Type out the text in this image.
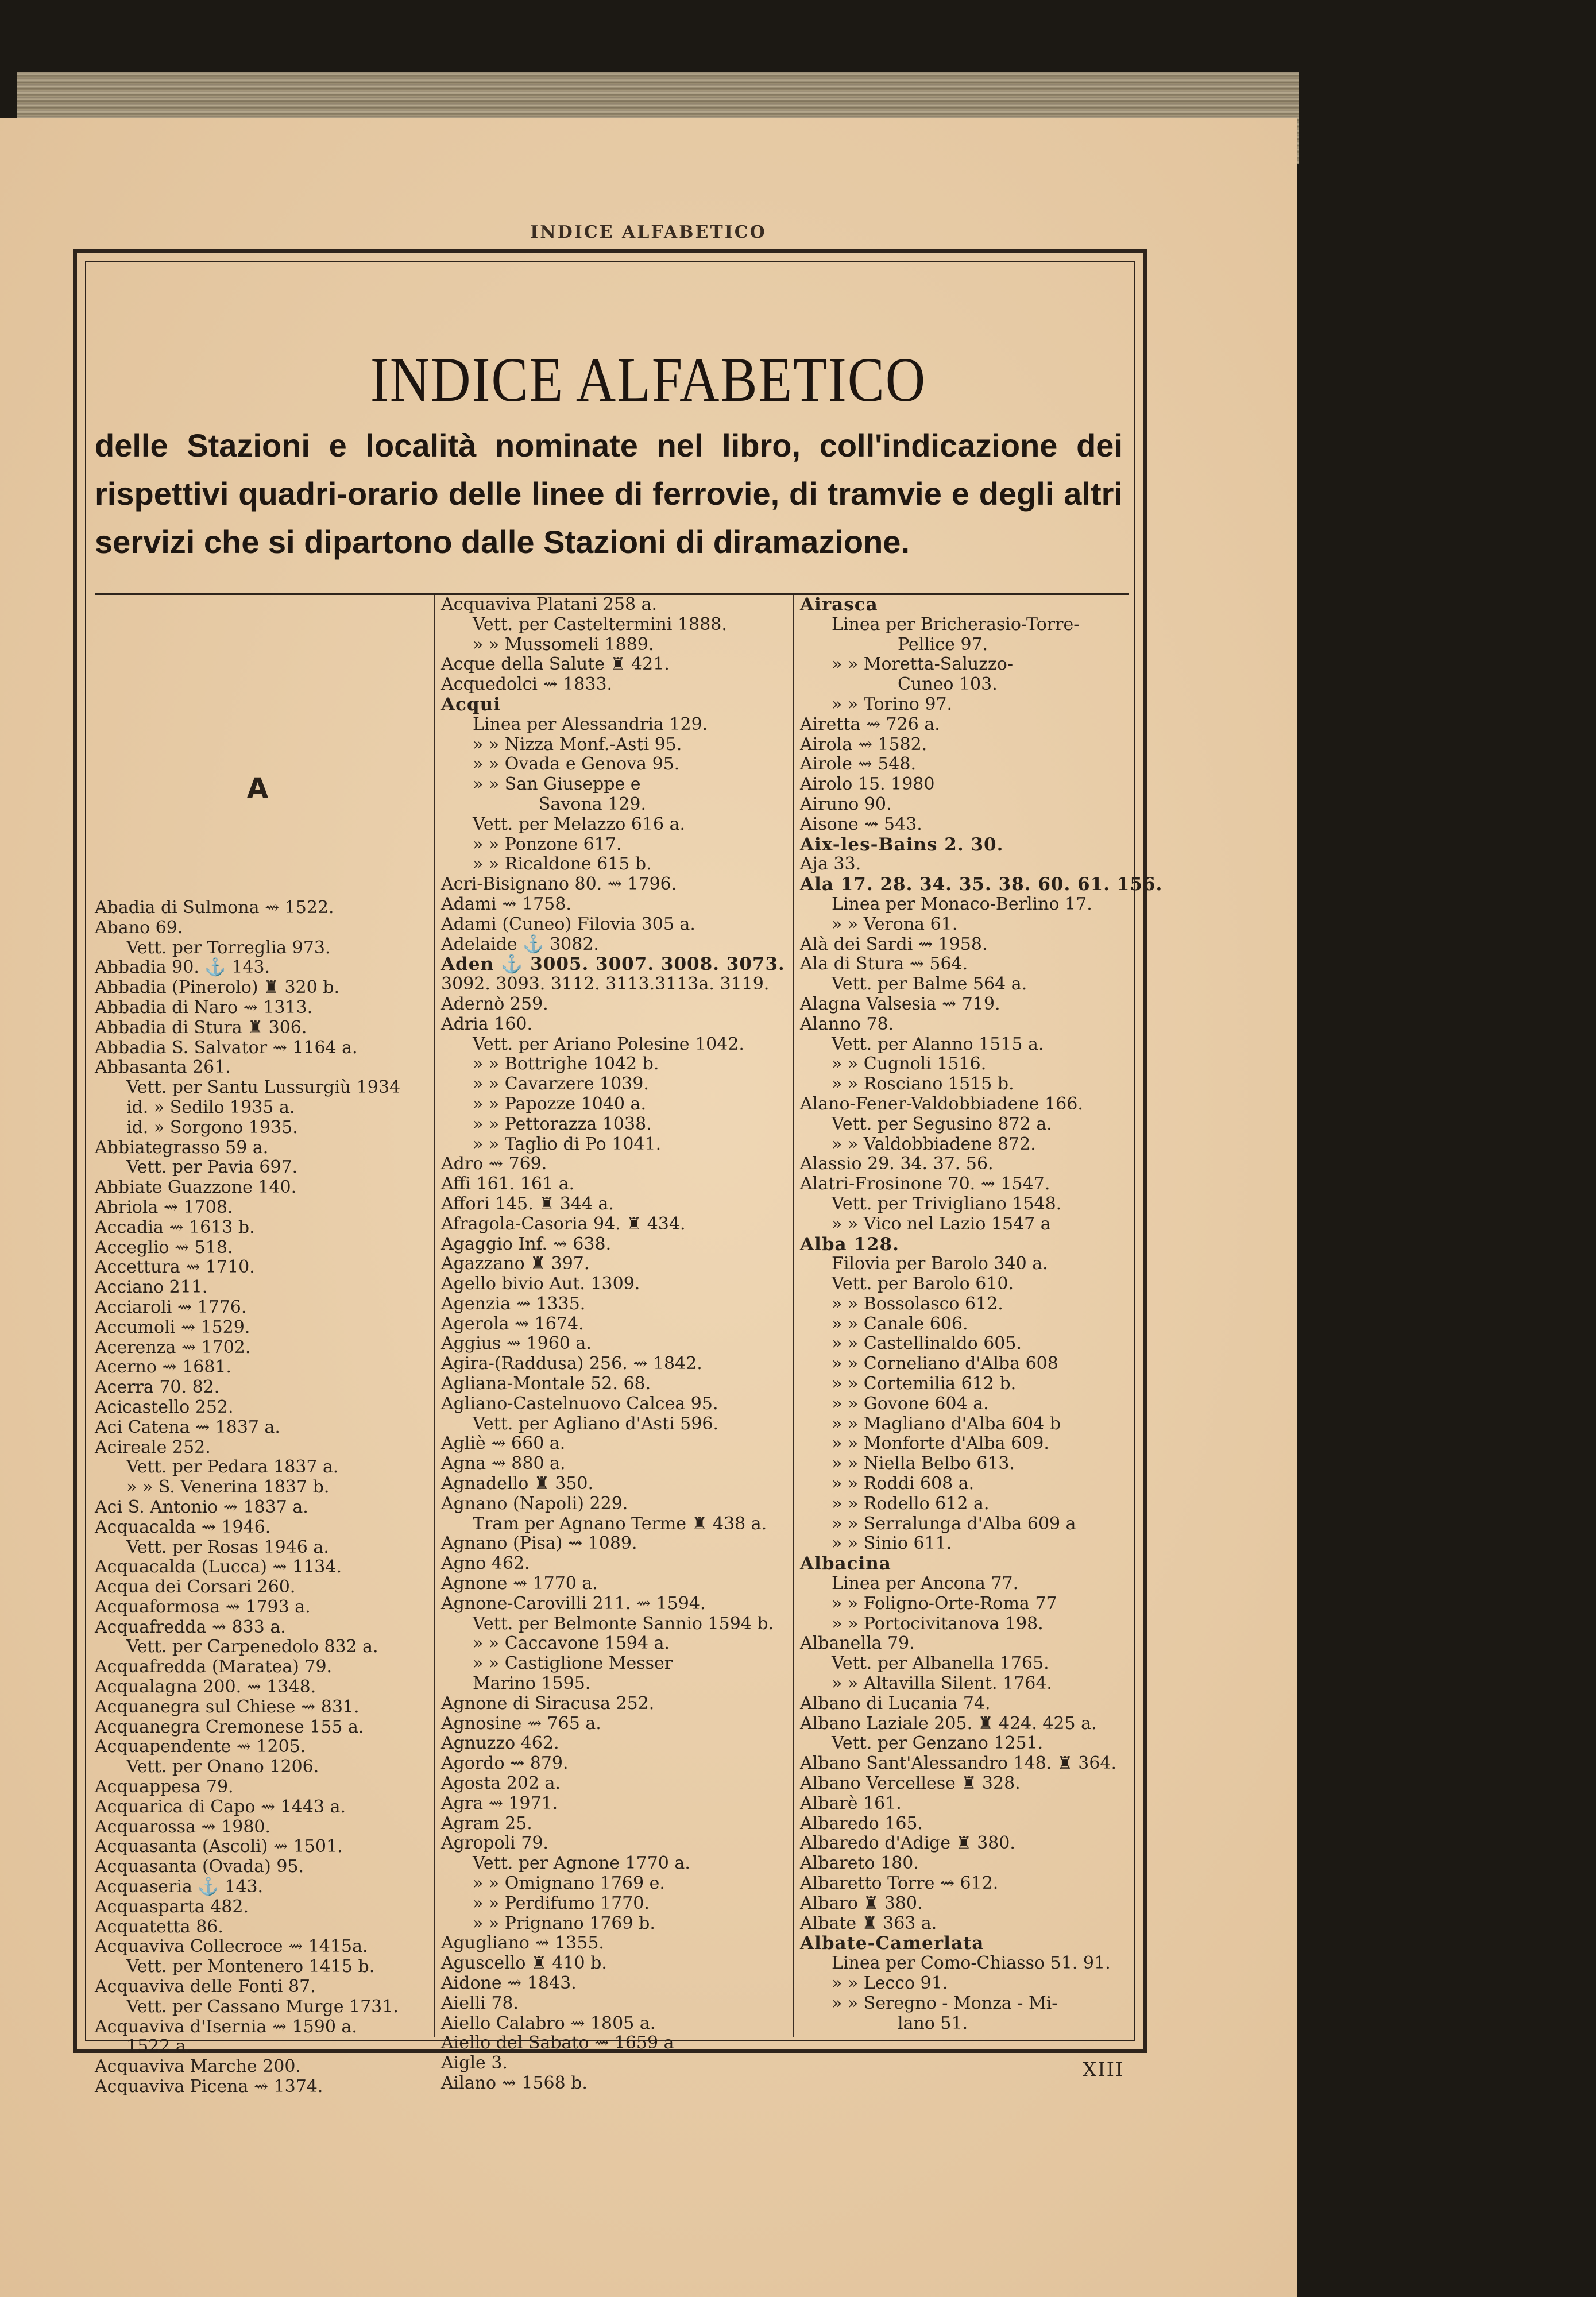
INDICE ALFABETICO
INDICE ALFABETICO
delle Stazioni e località nominate nel libro, coll'indicazione dei rispettivi quadri-orario delle linee di ferrovie, di tramvie e degli altri servizi che si dipartono dalle Stazioni di diramazione.
A
Abadia di Sulmona ⇝ 1522.
Abano 69.
Vett. per Torreglia 973.
Abbadia 90. ⚓ 143.
Abbadia (Pinerolo) ♜ 320 b.
Abbadia di Naro ⇝ 1313.
Abbadia di Stura ♜ 306.
Abbadia S. Salvator ⇝ 1164 a.
Abbasanta 261.
Vett. per Santu Lussurgiù 1934
id. » Sedilo 1935 a.
id. » Sorgono 1935.
Abbiategrasso 59 a.
Vett. per Pavia 697.
Abbiate Guazzone 140.
Abriola ⇝ 1708.
Accadia ⇝ 1613 b.
Acceglio ⇝ 518.
Accettura ⇝ 1710.
Acciano 211.
Acciaroli ⇝ 1776.
Accumoli ⇝ 1529.
Acerenza ⇝ 1702.
Acerno ⇝ 1681.
Acerra 70. 82.
Acicastello 252.
Aci Catena ⇝ 1837 a.
Acireale 252.
Vett. per Pedara 1837 a.
» » S. Venerina 1837 b.
Aci S. Antonio ⇝ 1837 a.
Acquacalda ⇝ 1946.
Vett. per Rosas 1946 a.
Acquacalda (Lucca) ⇝ 1134.
Acqua dei Corsari 260.
Acquaformosa ⇝ 1793 a.
Acquafredda ⇝ 833 a.
Vett. per Carpenedolo 832 a.
Acquafredda (Maratea) 79.
Acqualagna 200. ⇝ 1348.
Acquanegra sul Chiese ⇝ 831.
Acquanegra Cremonese 155 a.
Acquapendente ⇝ 1205.
Vett. per Onano 1206.
Acquappesa 79.
Acquarica di Capo ⇝ 1443 a.
Acquarossa ⇝ 1980.
Acquasanta (Ascoli) ⇝ 1501.
Acquasanta (Ovada) 95.
Acquaseria ⚓ 143.
Acquasparta 482.
Acquatetta 86.
Acquaviva Collecroce ⇝ 1415a.
Vett. per Montenero 1415 b.
Acquaviva delle Fonti 87.
Vett. per Cassano Murge 1731.
Acquaviva d'Isernia ⇝ 1590 a.
1522 a.
Acquaviva Marche 200.
Acquaviva Picena ⇝ 1374.
Acquaviva Platani 258 a.
Vett. per Casteltermini 1888.
» » Mussomeli 1889.
Acque della Salute ♜ 421.
Acquedolci ⇝ 1833.
Acqui
Linea per Alessandria 129.
» » Nizza Monf.-Asti 95.
» » Ovada e Genova 95.
» » San Giuseppe e
Savona 129.
Vett. per Melazzo 616 a.
» » Ponzone 617.
» » Ricaldone 615 b.
Acri-Bisignano 80. ⇝ 1796.
Adami ⇝ 1758.
Adami (Cuneo) Filovia 305 a.
Adelaide ⚓ 3082.
Aden ⚓ 3005. 3007. 3008. 3073.
3092. 3093. 3112. 3113.3113a. 3119.
Adernò 259.
Adria 160.
Vett. per Ariano Polesine 1042.
» » Bottrighe 1042 b.
» » Cavarzere 1039.
» » Papozze 1040 a.
» » Pettorazza 1038.
» » Taglio di Po 1041.
Adro ⇝ 769.
Affi 161. 161 a.
Affori 145. ♜ 344 a.
Afragola-Casoria 94. ♜ 434.
Agaggio Inf. ⇝ 638.
Agazzano ♜ 397.
Agello bivio Aut. 1309.
Agenzia ⇝ 1335.
Agerola ⇝ 1674.
Aggius ⇝ 1960 a.
Agira-(Raddusa) 256. ⇝ 1842.
Agliana-Montale 52. 68.
Agliano-Castelnuovo Calcea 95.
Vett. per Agliano d'Asti 596.
Agliè ⇝ 660 a.
Agna ⇝ 880 a.
Agnadello ♜ 350.
Agnano (Napoli) 229.
Tram per Agnano Terme ♜ 438 a.
Agnano (Pisa) ⇝ 1089.
Agno 462.
Agnone ⇝ 1770 a.
Agnone-Carovilli 211. ⇝ 1594.
Vett. per Belmonte Sannio 1594 b.
» » Caccavone 1594 a.
» » Castiglione Messer
Marino 1595.
Agnone di Siracusa 252.
Agnosine ⇝ 765 a.
Agnuzzo 462.
Agordo ⇝ 879.
Agosta 202 a.
Agra ⇝ 1971.
Agram 25.
Agropoli 79.
Vett. per Agnone 1770 a.
» » Omignano 1769 e.
» » Perdifumo 1770.
» » Prignano 1769 b.
Agugliano ⇝ 1355.
Aguscello ♜ 410 b.
Aidone ⇝ 1843.
Aielli 78.
Aiello Calabro ⇝ 1805 a.
Aiello del Sabato ⇝ 1659 a
Aigle 3.
Ailano ⇝ 1568 b.
Airasca
Linea per Bricherasio-Torre-
Pellice 97.
» » Moretta-Saluzzo-
Cuneo 103.
» » Torino 97.
Airetta ⇝ 726 a.
Airola ⇝ 1582.
Airole ⇝ 548.
Airolo 15. 1980
Airuno 90.
Aisone ⇝ 543.
Aix-les-Bains 2. 30.
Aja 33.
Ala 17. 28. 34. 35. 38. 60. 61. 156.
Linea per Monaco-Berlino 17.
» » Verona 61.
Alà dei Sardi ⇝ 1958.
Ala di Stura ⇝ 564.
Vett. per Balme 564 a.
Alagna Valsesia ⇝ 719.
Alanno 78.
Vett. per Alanno 1515 a.
» » Cugnoli 1516.
» » Rosciano 1515 b.
Alano-Fener-Valdobbiadene 166.
Vett. per Segusino 872 a.
» » Valdobbiadene 872.
Alassio 29. 34. 37. 56.
Alatri-Frosinone 70. ⇝ 1547.
Vett. per Trivigliano 1548.
» » Vico nel Lazio 1547 a
Alba 128.
Filovia per Barolo 340 a.
Vett. per Barolo 610.
» » Bossolasco 612.
» » Canale 606.
» » Castellinaldo 605.
» » Corneliano d'Alba 608
» » Cortemilia 612 b.
» » Govone 604 a.
» » Magliano d'Alba 604 b
» » Monforte d'Alba 609.
» » Niella Belbo 613.
» » Roddi 608 a.
» » Rodello 612 a.
» » Serralunga d'Alba 609 a
» » Sinio 611.
Albacina
Linea per Ancona 77.
» » Foligno-Orte-Roma 77
» » Portocivitanova 198.
Albanella 79.
Vett. per Albanella 1765.
» » Altavilla Silent. 1764.
Albano di Lucania 74.
Albano Laziale 205. ♜ 424. 425 a.
Vett. per Genzano 1251.
Albano Sant'Alessandro 148. ♜ 364.
Albano Vercellese ♜ 328.
Albarè 161.
Albaredo 165.
Albaredo d'Adige ♜ 380.
Albareto 180.
Albaretto Torre ⇝ 612.
Albaro ♜ 380.
Albate ♜ 363 a.
Albate-Camerlata
Linea per Como-Chiasso 51. 91.
» » Lecco 91.
» » Seregno - Monza - Mi-
lano 51.
XIII
